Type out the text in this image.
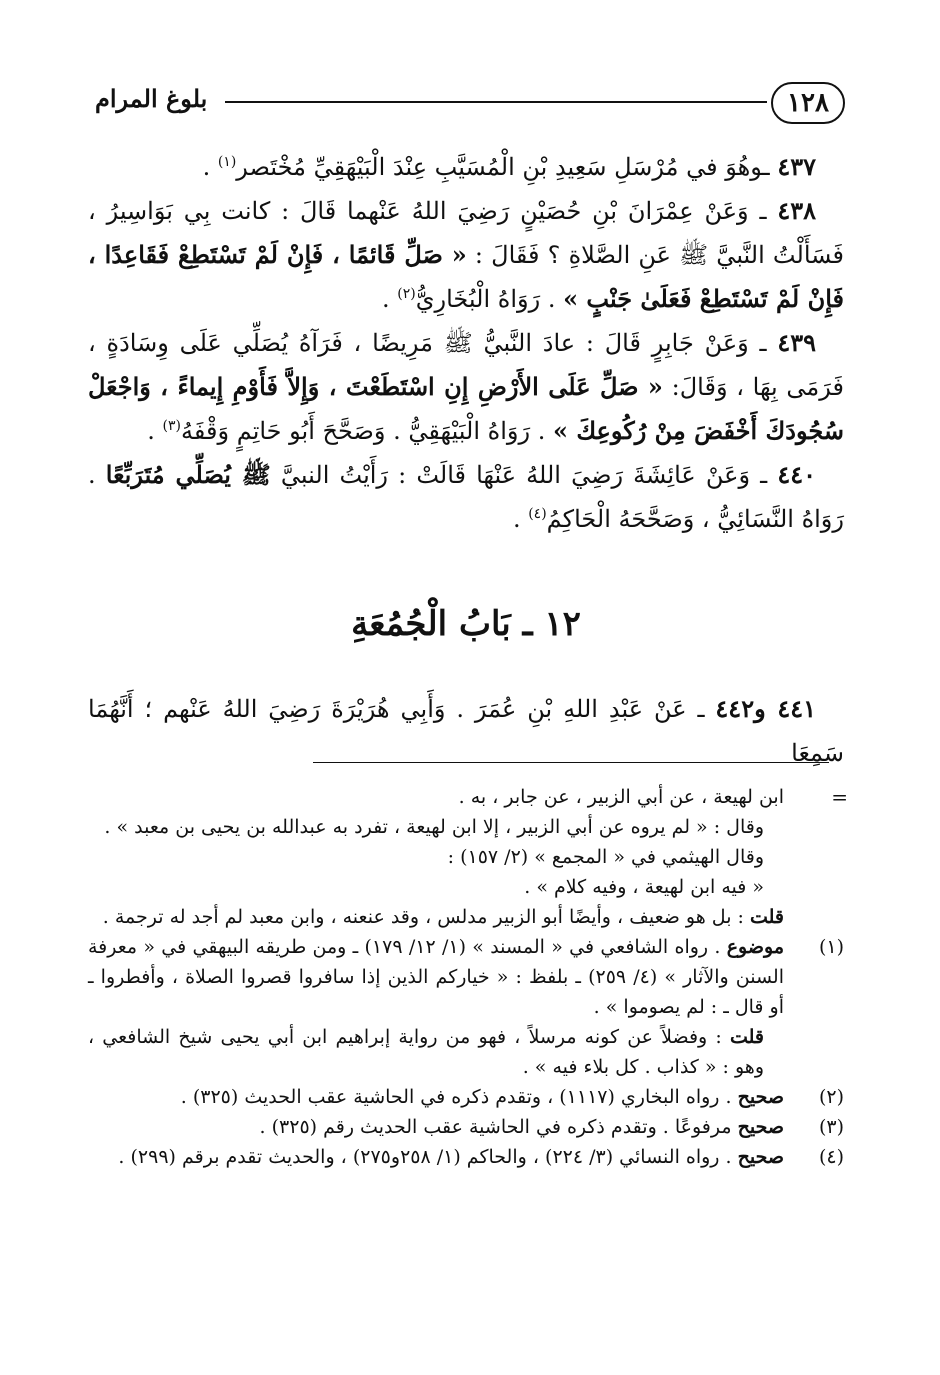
١٢٨
بلوغ المرام

٤٣٧ ـوهُوَ في مُرْسَلِ سَعِيدِ بْنِ الْمُسَيَّبِ عِنْدَ الْبَيْهَقِيِّ مُخْتَصر$^{(١)}$ .

٤٣٨ ـ وَعَنْ عِمْرَانَ بْنِ حُصَيْنٍ رَضِيَ اللهُ عَنْهما قَالَ : كانت بِي بَوَاسِيرُ ، فَسَأَلْتُ النَّبيَّ ﷺ عَنِ الصَّلاةِ ؟ فَقَالَ : « صَلِّ قَائمًا ، فَإِنْ لَمْ تَسْتَطِعْ فَقَاعِدًا ، فَإِنْ لَمْ تَسْتَطِعْ فَعَلَىٰ جَنْبٍ » . رَوَاهُ الْبُخَارِيُّ$^{(٢)}$ .

٤٣٩ ـ وَعَنْ جَابِرٍ قَالَ : عادَ النَّبيُّ ﷺ مَرِيضًا ، فَرَآهُ يُصَلِّي عَلَى وِسَادَةٍ ، فَرَمَى بِهَا ، وَقَالَ: « صَلِّ عَلَى الأَرْضِ إِنِ اسْتَطَعْتَ ، وَإِلاَّ فَأَوْمِ إِيماءً ، وَاجْعَلْ سُجُودَكَ أَخْفَضَ مِنْ رُكُوعِكَ » . رَوَاهُ الْبَيْهَقِيُّ . وَصَحَّحَ أَبُو حَاتِمٍ وَقْفَهُ$^{(٣)}$ .

٤٤٠ ـ وَعَنْ عَائِشَةَ رَضِيَ اللهُ عَنْهَا قَالَتْ : رَأَيْتُ النبيَّ ﷺ يُصَلِّي مُتَرَبِّعًا . رَوَاهُ النَّسَائِيُّ ، وَصَحَّحَهُ الْحَاكِمُ$^{(٤)}$ .

١٢ ـ بَابُ الْجُمُعَةِ

٤٤١ و٤٤٢ ـ عَنْ عَبْدِ اللهِ بْنِ عُمَرَ . وَأَبِي هُرَيْرَةَ رَضِيَ اللهُ عَنْهم ؛ أَنَّهُمَا سَمِعَا

=

ابن لهيعة ، عن أبي الزبير ، عن جابر ، به .

وقال : « لم يروه عن أبي الزبير ، إلا ابن لهيعة ، تفرد به عبدالله بن يحيى بن معبد » .

وقال الهيثمي في « المجمع » (٢/ ١٥٧) :

« فيه ابن لهيعة ، وفيه كلام » .

قلت : بل هو ضعيف ، وأيضًا أبو الزبير مدلس ، وقد عنعنه ، وابن معبد لم أجد له ترجمة .

(١)

موضوع . رواه الشافعي في « المسند » (١/ ١٢/ ١٧٩) ـ ومن طريقه البيهقي في « معرفة السنن والآثار » (٤/ ٢٥٩) ـ بلفظ : « خياركم الذين إذا سافروا قصروا الصلاة ، وأفطروا ـ أو قال ـ : لم يصوموا » .

قلت : وفضلاً عن كونه مرسلاً ، فهو من رواية إبراهيم ابن أبي يحيى شيخ الشافعي ، وهو : « كذاب . كل بلاء فيه » .

(٢)

صحيح . رواه البخاري (١١١٧) ، وتقدم ذكره في الحاشية عقب الحديث (٣٢٥) .

(٣)

صحيح مرفوعًا . وتقدم ذكره في الحاشية عقب الحديث رقم (٣٢٥) .

(٤)

صحيح . رواه النسائي (٣/ ٢٢٤) ، والحاكم (١/ ٢٥٨و٢٧٥) ، والحديث تقدم برقم (٢٩٩) .
